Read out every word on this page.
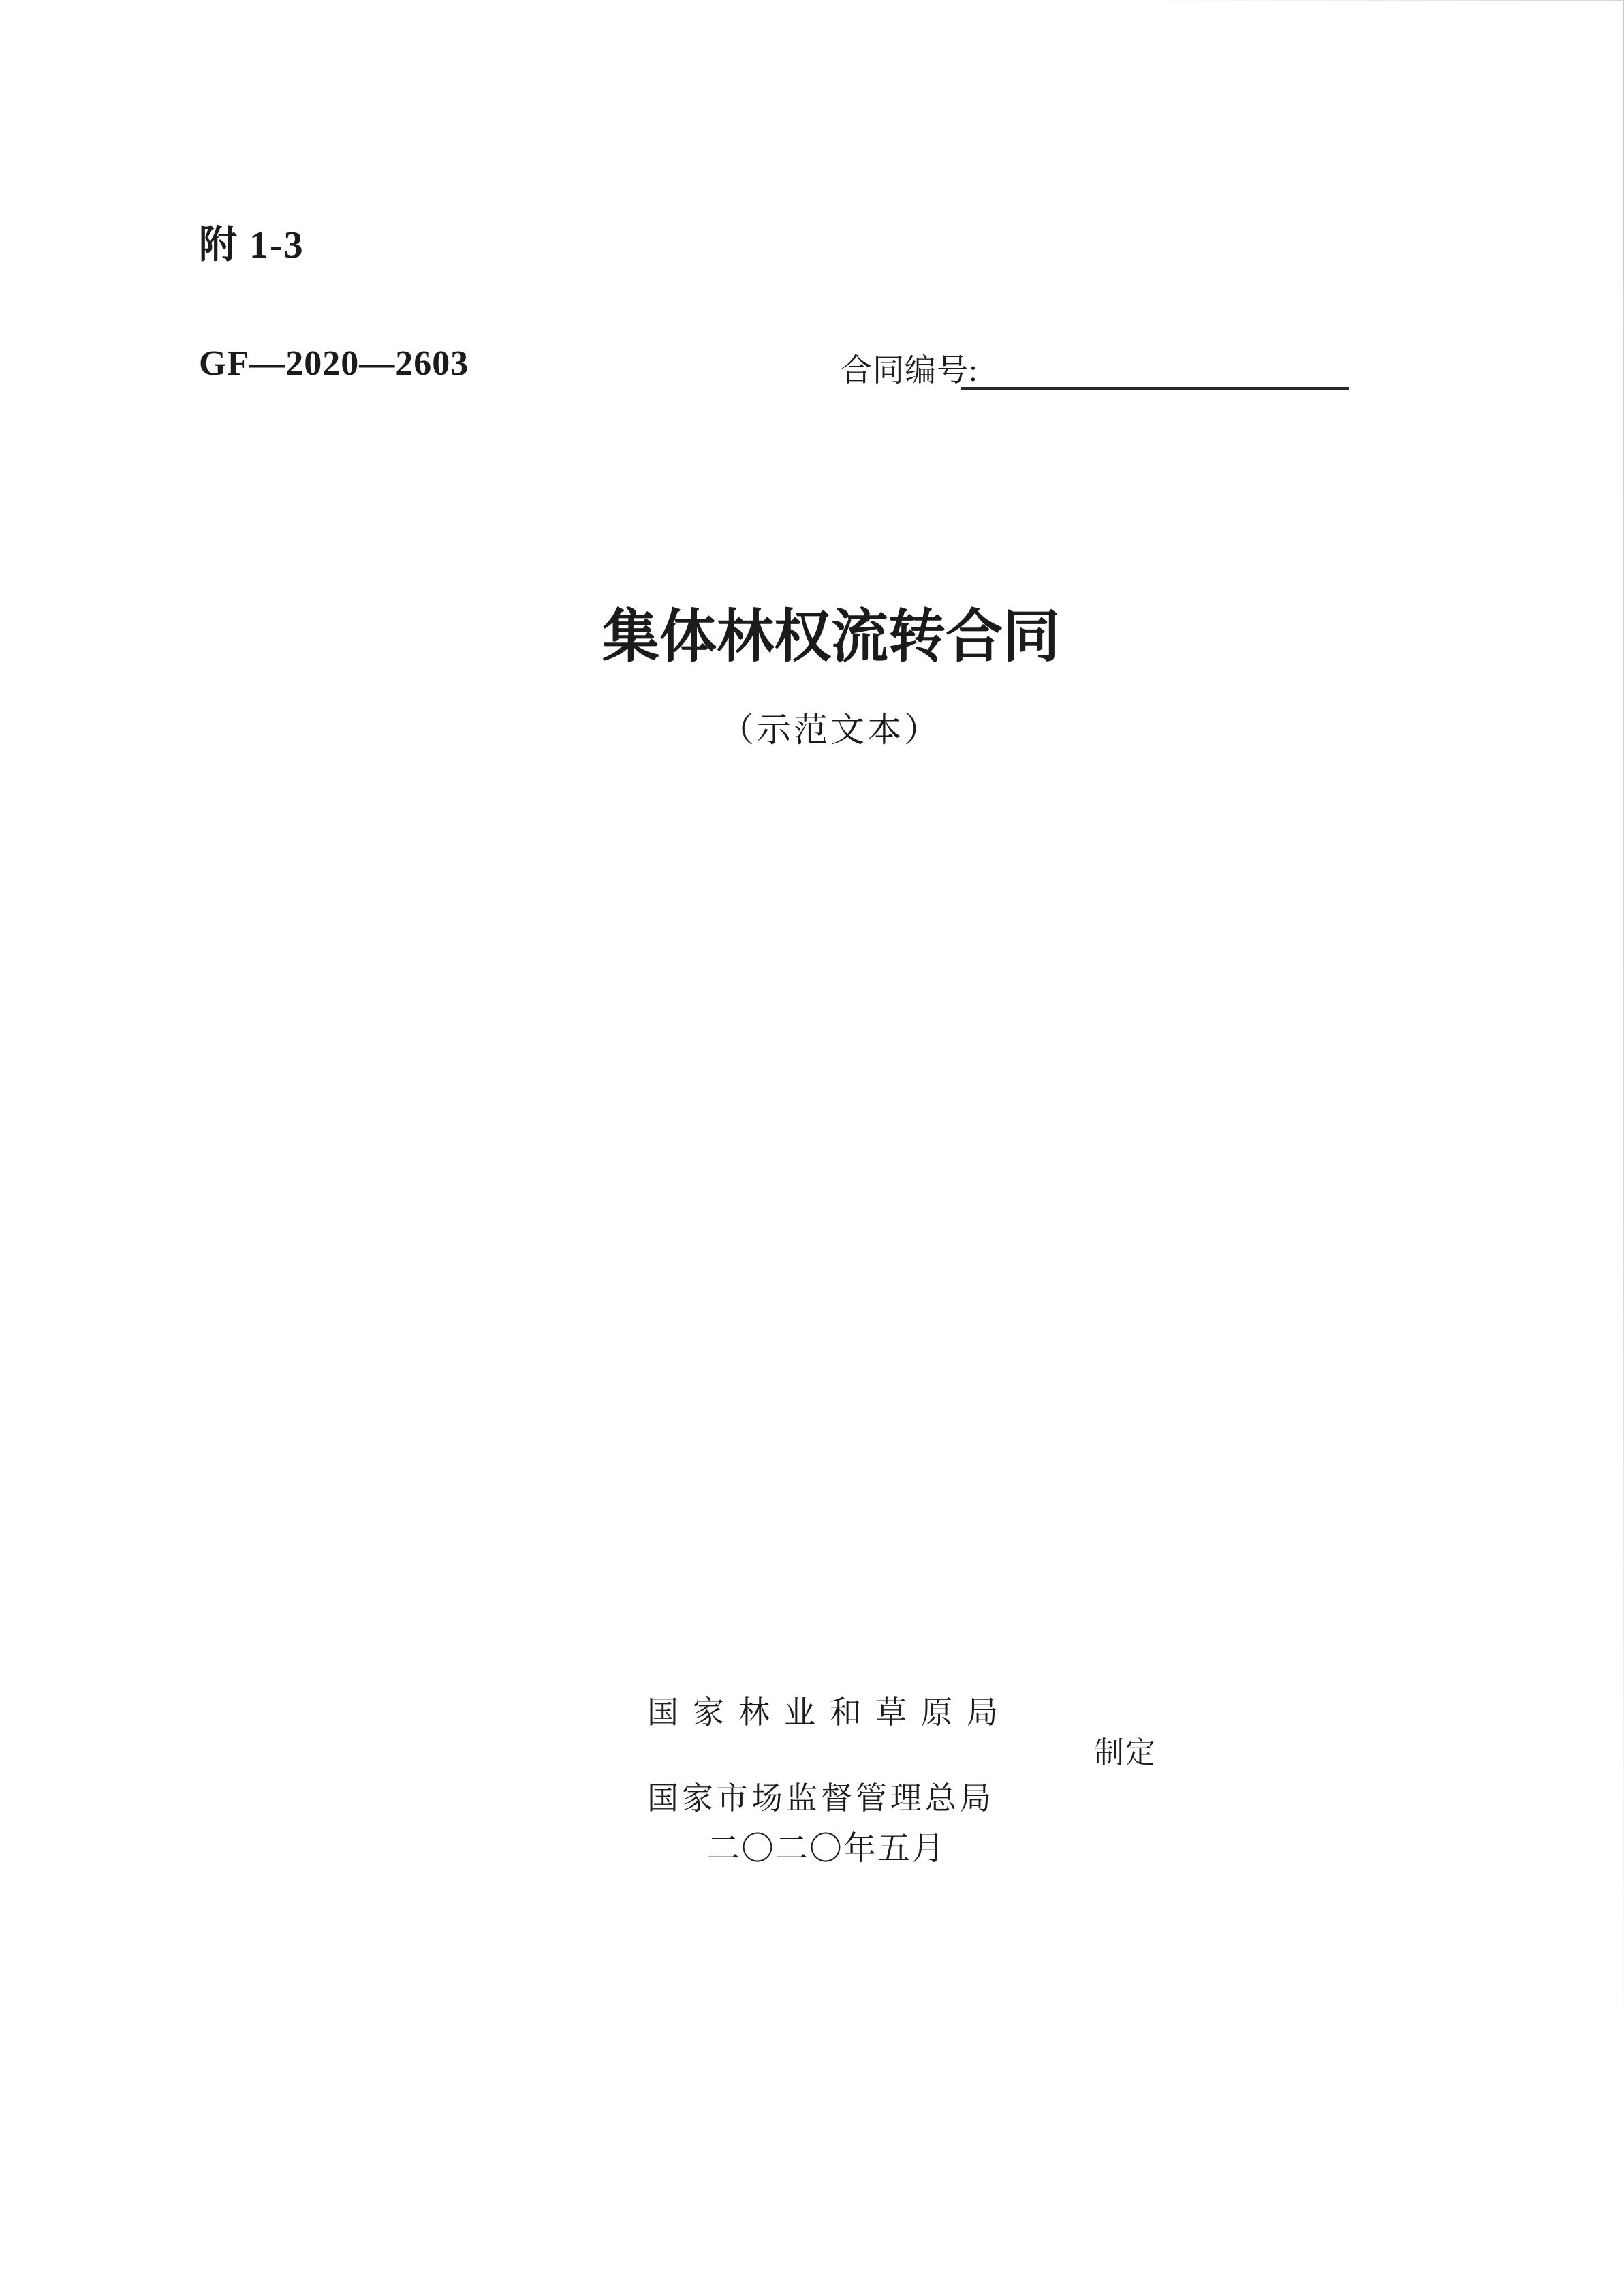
附 1-3
GF—2020—2603	合同编号:
集体林权流转合同
（示范文本）
国家林业和草原局
制定
国家市场监督管理总局
二〇二〇年五月
